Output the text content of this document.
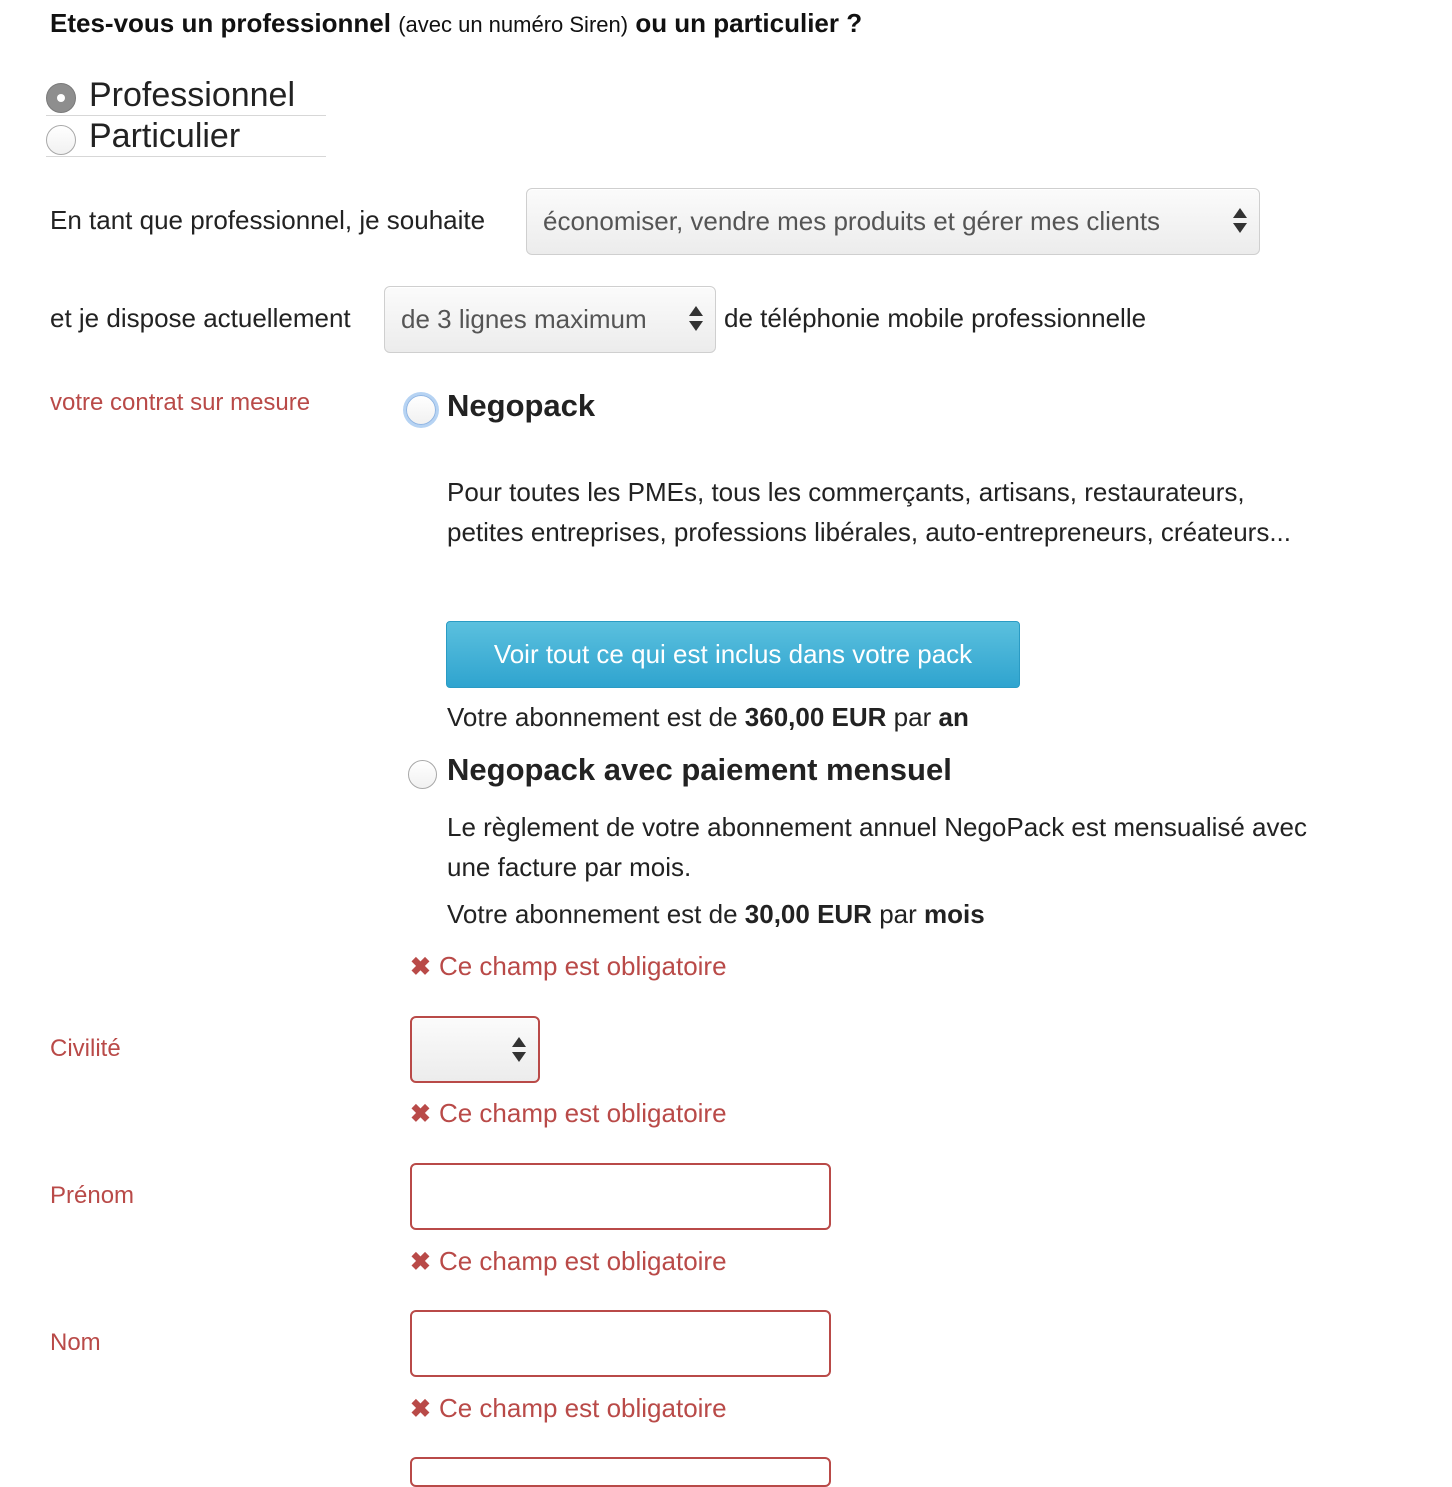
Etes-vous un professionnel (avec un numéro Siren) ou un particulier ?
Professionnel
Particulier
En tant que professionnel, je souhaite économiser, vendre mes produits et gérer mes clients
et je dispose actuellement de 3 lignes maximum	de téléphonie mobile professionnelle
votre contrat sur mesure	Negopack
Pour toutes les PMEs, tous les commerçants, artisans, restaurateurs, petites entreprises, professions libérales, auto-entrepreneurs, créateurs...
Voir tout ce qui est inclus dans votre pack
Votre abonnement est de 360,00 EUR par an
Negopack avec paiement mensuel
Le règlement de votre abonnement annuel NegoPack est mensualisé avec une facture par mois.
Votre abonnement est de 30,00 EUR par mois
✖ Ce champ est obligatoire
Civilité
✖ Ce champ est obligatoire
Prénom
✖ Ce champ est obligatoire
Nom
✖ Ce champ est obligatoire
